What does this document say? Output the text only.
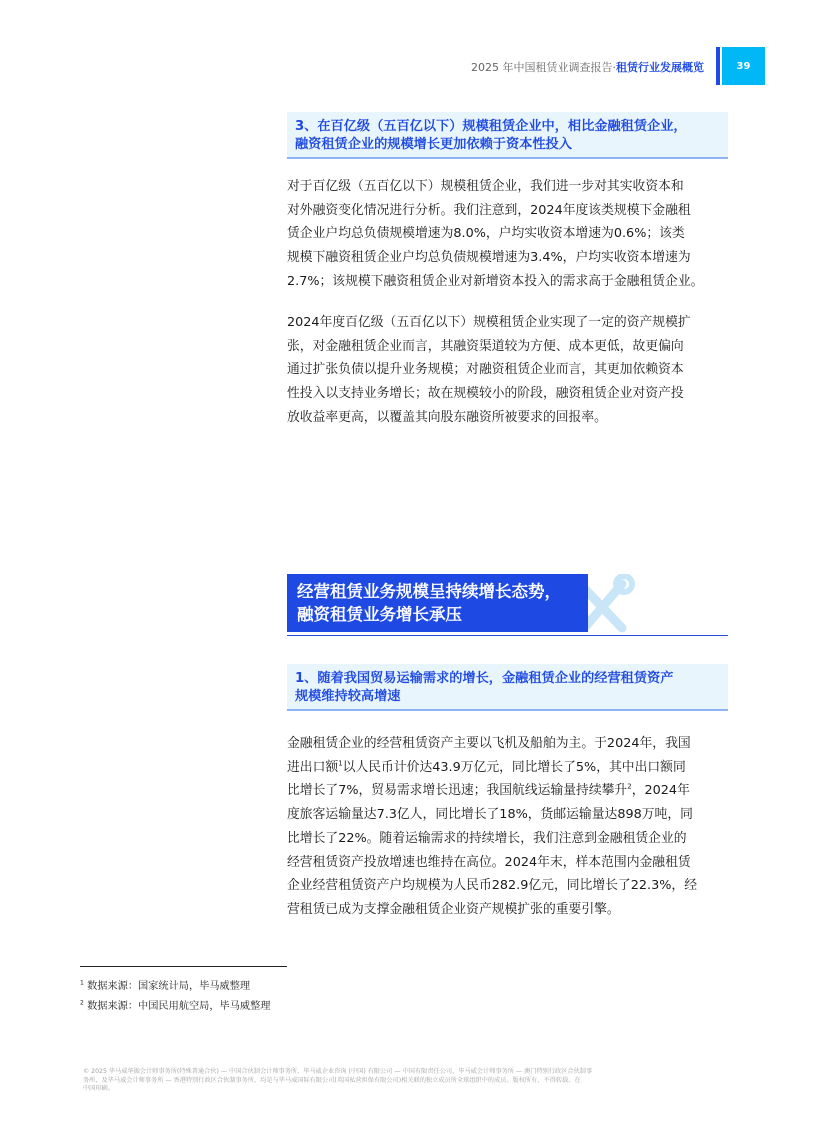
2025 年中国租赁业调查报告·租赁行业发展概览	39
3、在百亿级（五百亿以下）规模租赁企业中，相比金融租赁企业，
融资租赁企业的规模增长更加依赖于资本性投入
对于百亿级（五百亿以下）规模租赁企业，我们进一步对其实收资本和
对外融资变化情况进行分析。我们注意到，2024年度该类规模下金融租
赁企业户均总负债规模增速为8.0%，户均实收资本增速为0.6%；该类
规模下融资租赁企业户均总负债规模增速为3.4%，户均实收资本增速为
2.7%；该规模下融资租赁企业对新增资本投入的需求高于金融租赁企业。
2024年度百亿级（五百亿以下）规模租赁企业实现了一定的资产规模扩
张，对金融租赁企业而言，其融资渠道较为方便、成本更低，故更偏向
通过扩张负债以提升业务规模；对融资租赁企业而言，其更加依赖资本
性投入以支持业务增长；故在规模较小的阶段，融资租赁企业对资产投
放收益率更高，以覆盖其向股东融资所被要求的回报率。
经营租赁业务规模呈持续增长态势，
融资租赁业务增长承压
1、随着我国贸易运输需求的增长，金融租赁企业的经营租赁资产
规模维持较高增速
金融租赁企业的经营租赁资产主要以飞机及船舶为主。于2024年，我国
进出口额$^1$以人民币计价达43.9万亿元，同比增长了5%，其中出口额同
比增长了7%，贸易需求增长迅速；我国航线运输量持续攀升$^2$，2024年
度旅客运输量达7.3亿人，同比增长了18%，货邮运输量达898万吨，同
比增长了22%。随着运输需求的持续增长，我们注意到金融租赁企业的
经营租赁资产投放增速也维持在高位。2024年末，样本范围内金融租赁
企业经营租赁资产户均规模为人民币282.9亿元，同比增长了22.3%，经
营租赁已成为支撑金融租赁企业资产规模扩张的重要引擎。
$^1$ 数据来源：国家统计局，毕马威整理
$^2$ 数据来源：中国民用航空局，毕马威整理
© 2025 毕马威华振会计师事务所(特殊普通合伙) — 中国合伙制会计师事务所，毕马威企业咨询 (中国) 有限公司 — 中国有限责任公司，毕马威会计师事务所 — 澳门特别行政区合伙制事
务所，及毕马威会计师事务所 — 香港特别行政区合伙制事务所，均是与毕马威国际有限公司(英国私营担保有限公司)相关联的独立成员所全球组织中的成员。版权所有，不得转载。在
中国印刷。
